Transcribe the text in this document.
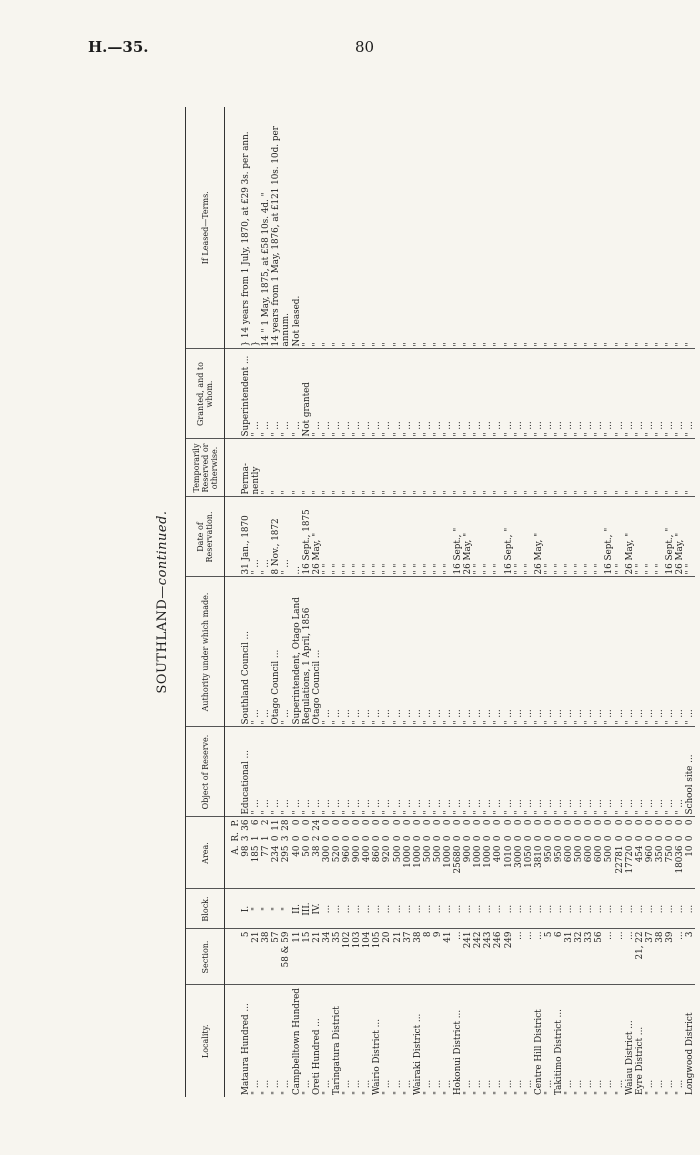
H.—35.	80
SOUTHLAND—continued.
Locality.	Section.	Block.	Area.	Object of Reserve.	Authority under which made.	Date of Reservation.	Temporarily Reserved or otherwise.	Granted, and to whom.	If Leased—Terms.

			A.
R.
P.						

Mataura Hundred ...	5	I.	98
3
36	Educational ...	Southland Council ...	31 Jan., 1870	Perma-	Superintendent ...	} 14 years from 1 July, 1870, at £29 3s. per ann.
" ...	21	"	185
1
6	" ...	" ...	" ...	nently	" ...	}
" ...	38	"	77
1
2	" ...	" ...	" ...	"	" ...	14 " 1 May, 1875, at £58 10s. 4d. "
" ...	57	"	234
0
11	" ...	Otago Council ...	8 Nov., 1872	"	" ...	14 years from 1 May, 1876, at £121 10s. 10d. per
" ...	58 & 59	"	295
3
28	" ...	" ...	" ...	"	" ...	annum.
Campbelltown Hundred	11	II.	40
0
0	" ...	Superintendent, Otago Land	...	"	" ...	Not leased.
" ...	15	III.	50
0
0	" ...	Regulations, 1 April, 1856	16 Sept., 1875	"	Not granted	"
Oreti Hundred ...	21	IV.	38
2
24	" ...	Otago Council ...	26 May, "	"	" ...	"
" ...	34	...	300
0
0	" ...	" ...	" "	"	" ...	"
Taringatura District	35	...	520
0
0	" ...	" ...	" "	"	" ...	"
" ...	102	...	960
0
0	" ...	" ...	" "	"	" ...	"
" ...	103	...	900
0
0	" ...	" ...	" "	"	" ...	"
" ...	104	...	400
0
0	" ...	" ...	" "	"	" ...	"
Wairio District ...	105	...	860
0
0	" ...	" ...	" "	"	" ...	"
" ...	20	...	920
0
0	" ...	" ...	" "	"	" ...	"
" ...	21	...	500
0
0	" ...	" ...	" "	"	" ...	"
" ...	37	...	1000
0
0	" ...	" ...	" "	"	" ...	"
Wairaki District ...	38	...	1000
0
0	" ...	" ...	" "	"	" ...	"
" ...	8	...	500
0
0	" ...	" ...	" "	"	" ...	"
" ...	9	...	500
0
0	" ...	" ...	" "	"	" ...	"
" ...	41	...	1000
0
0	" ...	" ...	" "	"	" ...	"
Hokonui District ...	...	...	25680
0
0	" ...	" ...	16 Sept., "	"	" ...	"
" ...	241	...	900
0
0	" ...	" ...	26 May, "	"	" ...	"
" ...	242	...	1000
0
0	" ...	" ...	" "	"	" ...	"
" ...	243	...	1000
0
0	" ...	" ...	" "	"	" ...	"
" ...	246	...	400
0
0	" ...	" ...	" "	"	" ...	"
" ...	249	...	1010
0
0	" ...	" ...	16 Sept., "	"	" ...	"
" ...	...	...	3000
0
0	" ...	" ...	" "	"	" ...	"
" ...	...	...	1050
0
0	" ...	" ...	" "	"	" ...	"
Centre Hill District	...	...	3810
0
0	" ...	" ...	26 May, "	"	" ...	"
" ...	5	...	950
0
0	" ...	" ...	" "	"	" ...	"
Takitimo District ...	6	...	950
0
0	" ...	" ...	" "	"	" ...	"
" ...	31	...	600
0
0	" ...	" ...	" "	"	" ...	"
" ...	32	...	500
0
0	" ...	" ...	" "	"	" ...	"
" ...	33	...	600
0
0	" ...	" ...	" "	"	" ...	"
" ...	56	...	600
0
0	" ...	" ...	" "	"	" ...	"
" ...	...	...	500
0
0	" ...	" ...	16 Sept., "	"	" ...	"
" ...	...	...	22781
0
0	" ...	" ...	" "	"	" ...	"
Waiau District ...	...	...	17720
0
0	" ...	" ...	26 May, "	"	" ...	"
Eyre District ...	21, 22	...	454
0
0	" ...	" ...	" "	"	" ...	"
" ...	37	...	960
0
0	" ...	" ...	" "	"	" ...	"
" ...	38	...	350
0
0	" ...	" ...	" "	"	" ...	"
" ...	39	...	750
0
0	" ...	" ...	16 Sept., "	"	" ...	"
" ...	...	...	18036
0
0	" ...	" ...	26 May, "	"	" ...	"
Longwood District	3	...	10
0
0	School site ...	" ...	" "	"	" ...	"
